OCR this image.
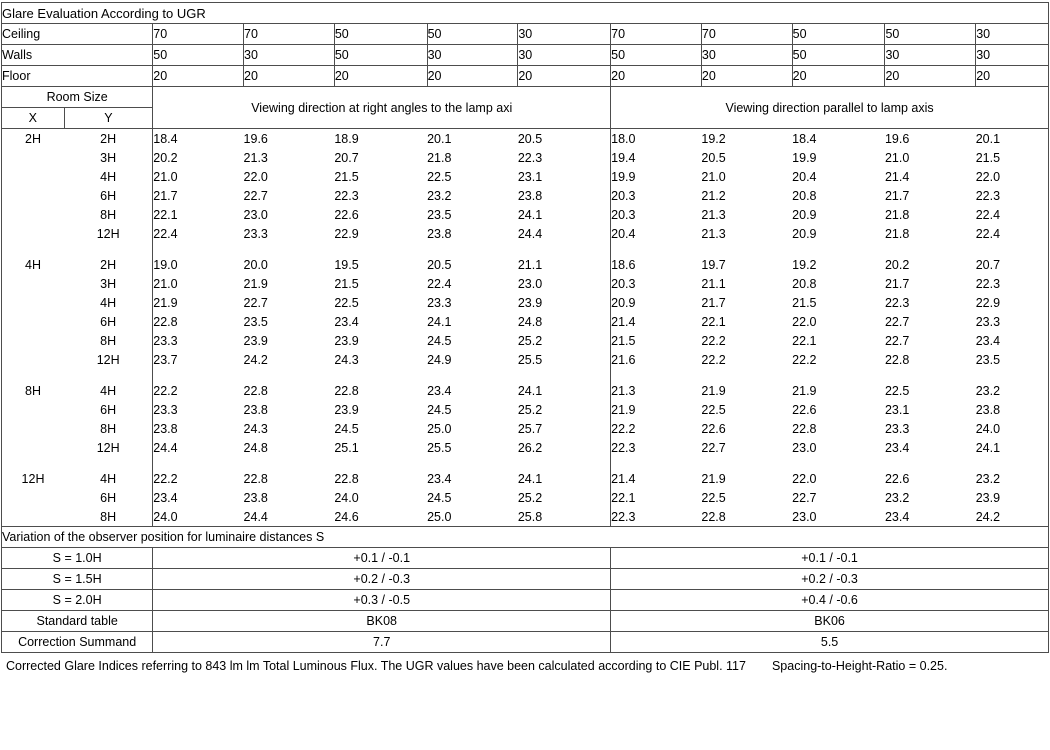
Glare Evaluation According to UGR											
Ceiling		70	70	50	50	30	70	70	50	50	30
Walls		50	30	50	30	30	50	30	50	30	30
Floor		20	20	20	20	20	20	20	20	20	20
Room Size		Viewing direction at right angles to the lamp axi					Viewing direction parallel to lamp axis				
X	Y										
2H	2H	18.4	19.6	18.9	20.1	20.5	18.0	19.2	18.4	19.6	20.1
	3H	20.2	21.3	20.7	21.8	22.3	19.4	20.5	19.9	21.0	21.5
	4H	21.0	22.0	21.5	22.5	23.1	19.9	21.0	20.4	21.4	22.0
	6H	21.7	22.7	22.3	23.2	23.8	20.3	21.2	20.8	21.7	22.3
	8H	22.1	23.0	22.6	23.5	24.1	20.3	21.3	20.9	21.8	22.4
	12H	22.4	23.3	22.9	23.8	24.4	20.4	21.3	20.9	21.8	22.4

4H	2H	19.0	20.0	19.5	20.5	21.1	18.6	19.7	19.2	20.2	20.7
	3H	21.0	21.9	21.5	22.4	23.0	20.3	21.1	20.8	21.7	22.3
	4H	21.9	22.7	22.5	23.3	23.9	20.9	21.7	21.5	22.3	22.9
	6H	22.8	23.5	23.4	24.1	24.8	21.4	22.1	22.0	22.7	23.3
	8H	23.3	23.9	23.9	24.5	25.2	21.5	22.2	22.1	22.7	23.4
	12H	23.7	24.2	24.3	24.9	25.5	21.6	22.2	22.2	22.8	23.5

8H	4H	22.2	22.8	22.8	23.4	24.1	21.3	21.9	21.9	22.5	23.2
	6H	23.3	23.8	23.9	24.5	25.2	21.9	22.5	22.6	23.1	23.8
	8H	23.8	24.3	24.5	25.0	25.7	22.2	22.6	22.8	23.3	24.0
	12H	24.4	24.8	25.1	25.5	26.2	22.3	22.7	23.0	23.4	24.1

12H	4H	22.2	22.8	22.8	23.4	24.1	21.4	21.9	22.0	22.6	23.2
	6H	23.4	23.8	24.0	24.5	25.2	22.1	22.5	22.7	23.2	23.9
	8H	24.0	24.4	24.6	25.0	25.8	22.3	22.8	23.0	23.4	24.2
Variation of the observer position for luminaire distances S											
S = 1.0H		+0.1 / -0.1					+0.1 / -0.1				
S = 1.5H		+0.2 / -0.3					+0.2 / -0.3				
S = 2.0H		+0.3 / -0.5					+0.4 / -0.6				
Standard table		BK08					BK06				
Correction Summand		7.7					5.5				
Corrected Glare Indices referring to 843 lm lm Total Luminous Flux. The UGR values have been calculated according to CIE Publ. 117 Spacing-to-Height-Ratio = 0.25.
